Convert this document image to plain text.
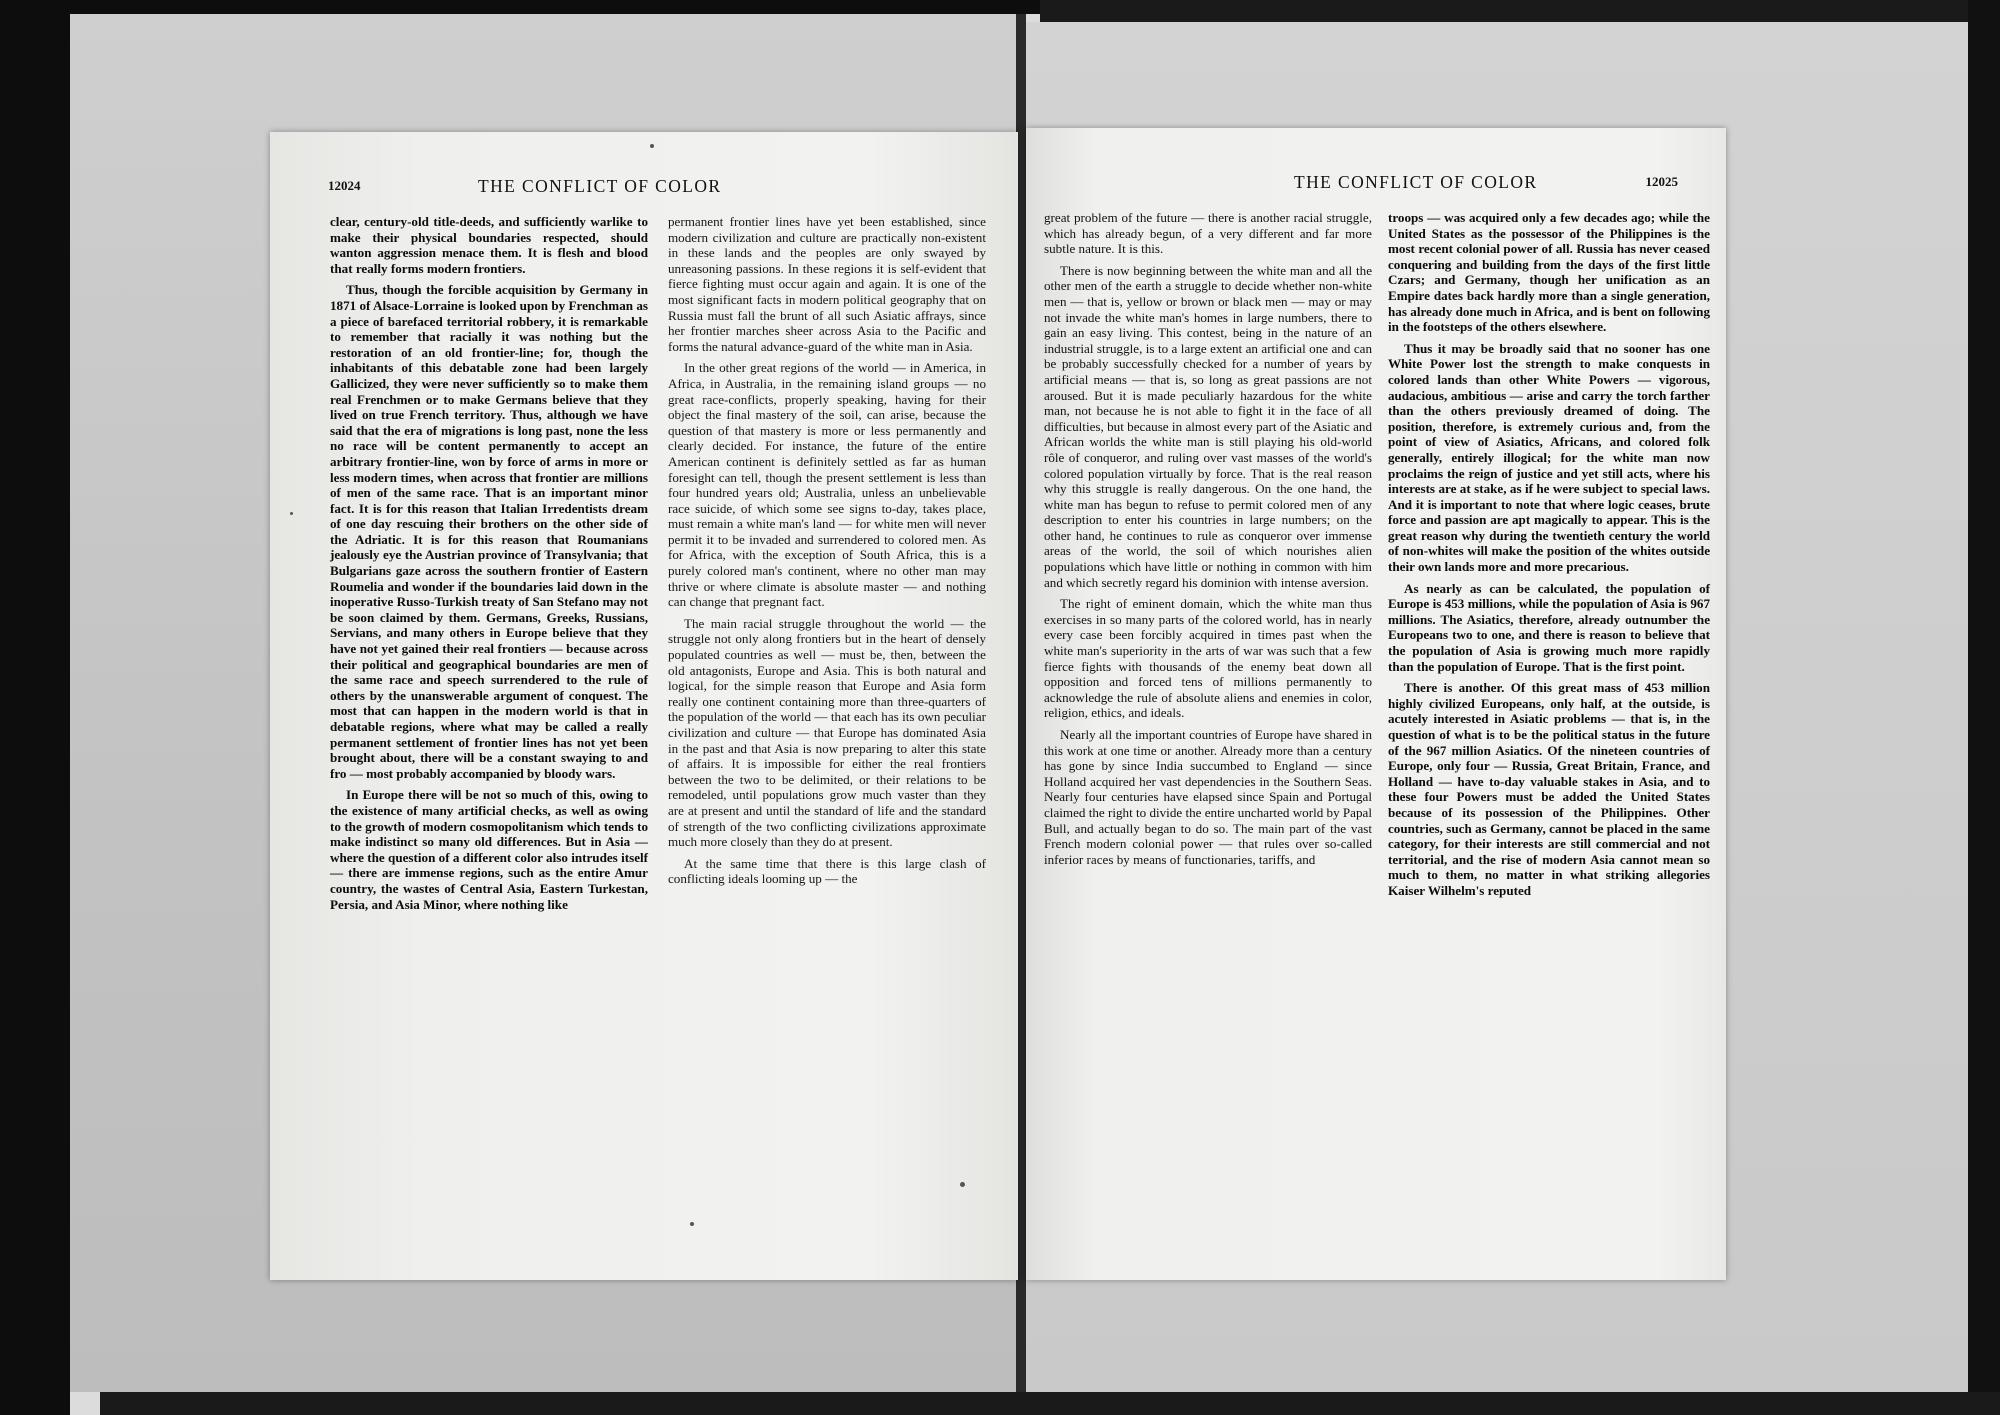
12024	THE CONFLICT OF COLOR

clear, century-old title-deeds, and sufficiently warlike to make their physical boundaries respected, should wanton aggression menace them. It is flesh and blood that really forms modern frontiers.

Thus, though the forcible acquisition by Germany in 1871 of Alsace-Lorraine is looked upon by Frenchman as a piece of barefaced territorial robbery, it is remarkable to remember that racially it was nothing but the restoration of an old frontier-line; for, though the inhabitants of this debatable zone had been largely Gallicized, they were never sufficiently so to make them real Frenchmen or to make Germans believe that they lived on true French territory. Thus, although we have said that the era of migrations is long past, none the less no race will be content permanently to accept an arbitrary frontier-line, won by force of arms in more or less modern times, when across that frontier are millions of men of the same race. That is an important minor fact. It is for this reason that Italian Irredentists dream of one day rescuing their brothers on the other side of the Adriatic. It is for this reason that Roumanians jealously eye the Austrian province of Transylvania; that Bulgarians gaze across the southern frontier of Eastern Roumelia and wonder if the boundaries laid down in the inoperative Russo-Turkish treaty of San Stefano may not be soon claimed by them. Germans, Greeks, Russians, Servians, and many others in Europe believe that they have not yet gained their real frontiers — because across their political and geographical boundaries are men of the same race and speech surrendered to the rule of others by the unanswerable argument of conquest. The most that can happen in the modern world is that in debatable regions, where what may be called a really permanent settlement of frontier lines has not yet been brought about, there will be a constant swaying to and fro — most probably accompanied by bloody wars.

In Europe there will be not so much of this, owing to the existence of many artificial checks, as well as owing to the growth of modern cosmopolitanism which tends to make indistinct so many old differences. But in Asia — where the question of a different color also intrudes itself — there are immense regions, such as the entire Amur country, the wastes of Central Asia, Eastern Turkestan, Persia, and Asia Minor, where nothing like

permanent frontier lines have yet been established, since modern civilization and culture are practically non-existent in these lands and the peoples are only swayed by unreasoning passions. In these regions it is self-evident that fierce fighting must occur again and again. It is one of the most significant facts in modern political geography that on Russia must fall the brunt of all such Asiatic affrays, since her frontier marches sheer across Asia to the Pacific and forms the natural advance-guard of the white man in Asia.

In the other great regions of the world — in America, in Africa, in Australia, in the remaining island groups — no great race-conflicts, properly speaking, having for their object the final mastery of the soil, can arise, because the question of that mastery is more or less permanently and clearly decided. For instance, the future of the entire American continent is definitely settled as far as human foresight can tell, though the present settlement is less than four hundred years old; Australia, unless an unbelievable race suicide, of which some see signs to-day, takes place, must remain a white man's land — for white men will never permit it to be invaded and surrendered to colored men. As for Africa, with the exception of South Africa, this is a purely colored man's continent, where no other man may thrive or where climate is absolute master — and nothing can change that pregnant fact.

The main racial struggle throughout the world — the struggle not only along frontiers but in the heart of densely populated countries as well — must be, then, between the old antagonists, Europe and Asia. This is both natural and logical, for the simple reason that Europe and Asia form really one continent containing more than three-quarters of the population of the world — that each has its own peculiar civilization and culture — that Europe has dominated Asia in the past and that Asia is now preparing to alter this state of affairs. It is impossible for either the real frontiers between the two to be delimited, or their relations to be remodeled, until populations grow much vaster than they are at present and until the standard of life and the standard of strength of the two conflicting civilizations approximate much more closely than they do at present.

At the same time that there is this large clash of conflicting ideals looming up — the

THE CONFLICT OF COLOR	12025

great problem of the future — there is another racial struggle, which has already begun, of a very different and far more subtle nature. It is this.

There is now beginning between the white man and all the other men of the earth a struggle to decide whether non-white men — that is, yellow or brown or black men — may or may not invade the white man's homes in large numbers, there to gain an easy living. This contest, being in the nature of an industrial struggle, is to a large extent an artificial one and can be probably successfully checked for a number of years by artificial means — that is, so long as great passions are not aroused. But it is made peculiarly hazardous for the white man, not because he is not able to fight it in the face of all difficulties, but because in almost every part of the Asiatic and African worlds the white man is still playing his old-world rôle of conqueror, and ruling over vast masses of the world's colored population virtually by force. That is the real reason why this struggle is really dangerous. On the one hand, the white man has begun to refuse to permit colored men of any description to enter his countries in large numbers; on the other hand, he continues to rule as conqueror over immense areas of the world, the soil of which nourishes alien populations which have little or nothing in common with him and which secretly regard his dominion with intense aversion.

The right of eminent domain, which the white man thus exercises in so many parts of the colored world, has in nearly every case been forcibly acquired in times past when the white man's superiority in the arts of war was such that a few fierce fights with thousands of the enemy beat down all opposition and forced tens of millions permanently to acknowledge the rule of absolute aliens and enemies in color, religion, ethics, and ideals.

Nearly all the important countries of Europe have shared in this work at one time or another. Already more than a century has gone by since India succumbed to England — since Holland acquired her vast dependencies in the Southern Seas. Nearly four centuries have elapsed since Spain and Portugal claimed the right to divide the entire uncharted world by Papal Bull, and actually began to do so. The main part of the vast French modern colonial power — that rules over so-called inferior races by means of functionaries, tariffs, and

troops — was acquired only a few decades ago; while the United States as the possessor of the Philippines is the most recent colonial power of all. Russia has never ceased conquering and building from the days of the first little Czars; and Germany, though her unification as an Empire dates back hardly more than a single generation, has already done much in Africa, and is bent on following in the footsteps of the others elsewhere.

Thus it may be broadly said that no sooner has one White Power lost the strength to make conquests in colored lands than other White Powers — vigorous, audacious, ambitious — arise and carry the torch farther than the others previously dreamed of doing. The position, therefore, is extremely curious and, from the point of view of Asiatics, Africans, and colored folk generally, entirely illogical; for the white man now proclaims the reign of justice and yet still acts, where his interests are at stake, as if he were subject to special laws. And it is important to note that where logic ceases, brute force and passion are apt magically to appear. This is the great reason why during the twentieth century the world of non-whites will make the position of the whites outside their own lands more and more precarious.

As nearly as can be calculated, the population of Europe is 453 millions, while the population of Asia is 967 millions. The Asiatics, therefore, already outnumber the Europeans two to one, and there is reason to believe that the population of Asia is growing much more rapidly than the population of Europe. That is the first point.

There is another. Of this great mass of 453 million highly civilized Europeans, only half, at the outside, is acutely interested in Asiatic problems — that is, in the question of what is to be the political status in the future of the 967 million Asiatics. Of the nineteen countries of Europe, only four — Russia, Great Britain, France, and Holland — have to-day valuable stakes in Asia, and to these four Powers must be added the United States because of its possession of the Philippines. Other countries, such as Germany, cannot be placed in the same category, for their interests are still commercial and not territorial, and the rise of modern Asia cannot mean so much to them, no matter in what striking allegories Kaiser Wilhelm's reputed
